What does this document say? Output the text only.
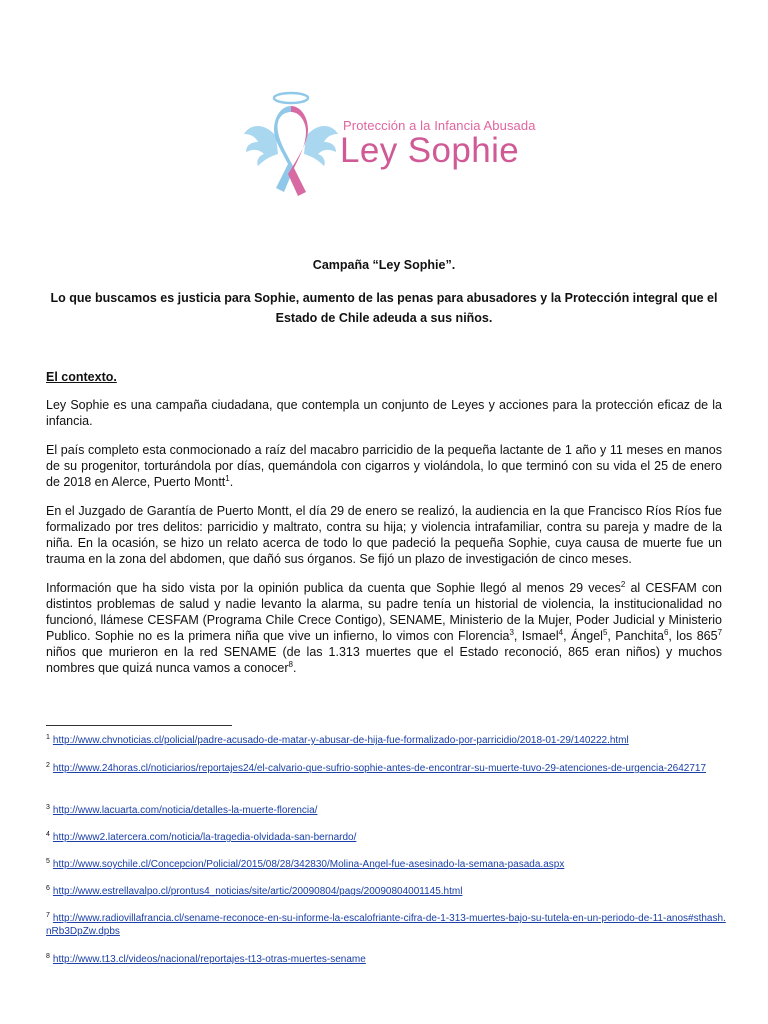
Protección a la Infancia Abusada
Ley Sophie
Campaña “Ley Sophie”.
Lo que buscamos es justicia para Sophie, aumento de las penas para abusadores y la Protección integral que el Estado de Chile adeuda a sus niños.
El contexto.

Ley Sophie es una campaña ciudadana, que contempla un conjunto de Leyes y acciones para la protección eficaz de la infancia.

El país completo esta conmocionado a raíz del macabro parricidio de la pequeña lactante de 1 año y 11 meses en manos de su progenitor, torturándola por días, quemándola con cigarros y violándola, lo que terminó con su vida el 25 de enero de 2018 en Alerce, Puerto Montt$^1$.

En el Juzgado de Garantía de Puerto Montt, el día 29 de enero se realizó, la audiencia en la que Francisco Ríos Ríos fue formalizado por tres delitos: parricidio y maltrato, contra su hija; y violencia intrafamiliar, contra su pareja y madre de la niña. En la ocasión, se hizo un relato acerca de todo lo que padeció la pequeña Sophie, cuya causa de muerte fue un trauma en la zona del abdomen, que dañó sus órganos. Se fijó un plazo de investigación de cinco meses.

Información que ha sido vista por la opinión publica da cuenta que Sophie llegó al menos 29 veces$^2$ al CESFAM con distintos problemas de salud y nadie levanto la alarma, su padre tenía un historial de violencia, la institucionalidad no funcionó, llámese CESFAM (Programa Chile Crece Contigo), SENAME, Ministerio de la Mujer, Poder Judicial y Ministerio Publico. Sophie no es la primera niña que vive un infierno, lo vimos con Florencia$^3$, Ismael$^4$, Ángel$^5$, Panchita$^6$, los $865^7$ niños que murieron en la red SENAME (de las 1.313 muertes que el Estado reconoció, 865 eran niños) y muchos nombres que quizá nunca vamos a conocer$^8$.

$^1$ http://www.chvnoticias.cl/policial/padre-acusado-de-matar-y-abusar-de-hija-fue-formalizado-por-parricidio/2018-01-29/140222.html
$^2$ http://www.24horas.cl/noticiarios/reportajes24/el-calvario-que-sufrio-sophie-antes-de-encontrar-su-muerte-tuvo-29-atenciones-de-urgencia-2642717
$^3$ http://www.lacuarta.com/noticia/detalles-la-muerte-florencia/
$^4$ http://www2.latercera.com/noticia/la-tragedia-olvidada-san-bernardo/
$^5$ http://www.soychile.cl/Concepcion/Policial/2015/08/28/342830/Molina-Angel-fue-asesinado-la-semana-pasada.aspx
$^6$ http://www.estrellavalpo.cl/prontus4_noticias/site/artic/20090804/pags/20090804001145.html
$^7$ http://www.radiovillafrancia.cl/sename-reconoce-en-su-informe-la-escalofriante-cifra-de-1-313-muertes-bajo-su-tutela-en-un-periodo-de-11-anos#sthash.nRb3DpZw.dpbs
$^8$ http://www.t13.cl/videos/nacional/reportajes-t13-otras-muertes-sename
